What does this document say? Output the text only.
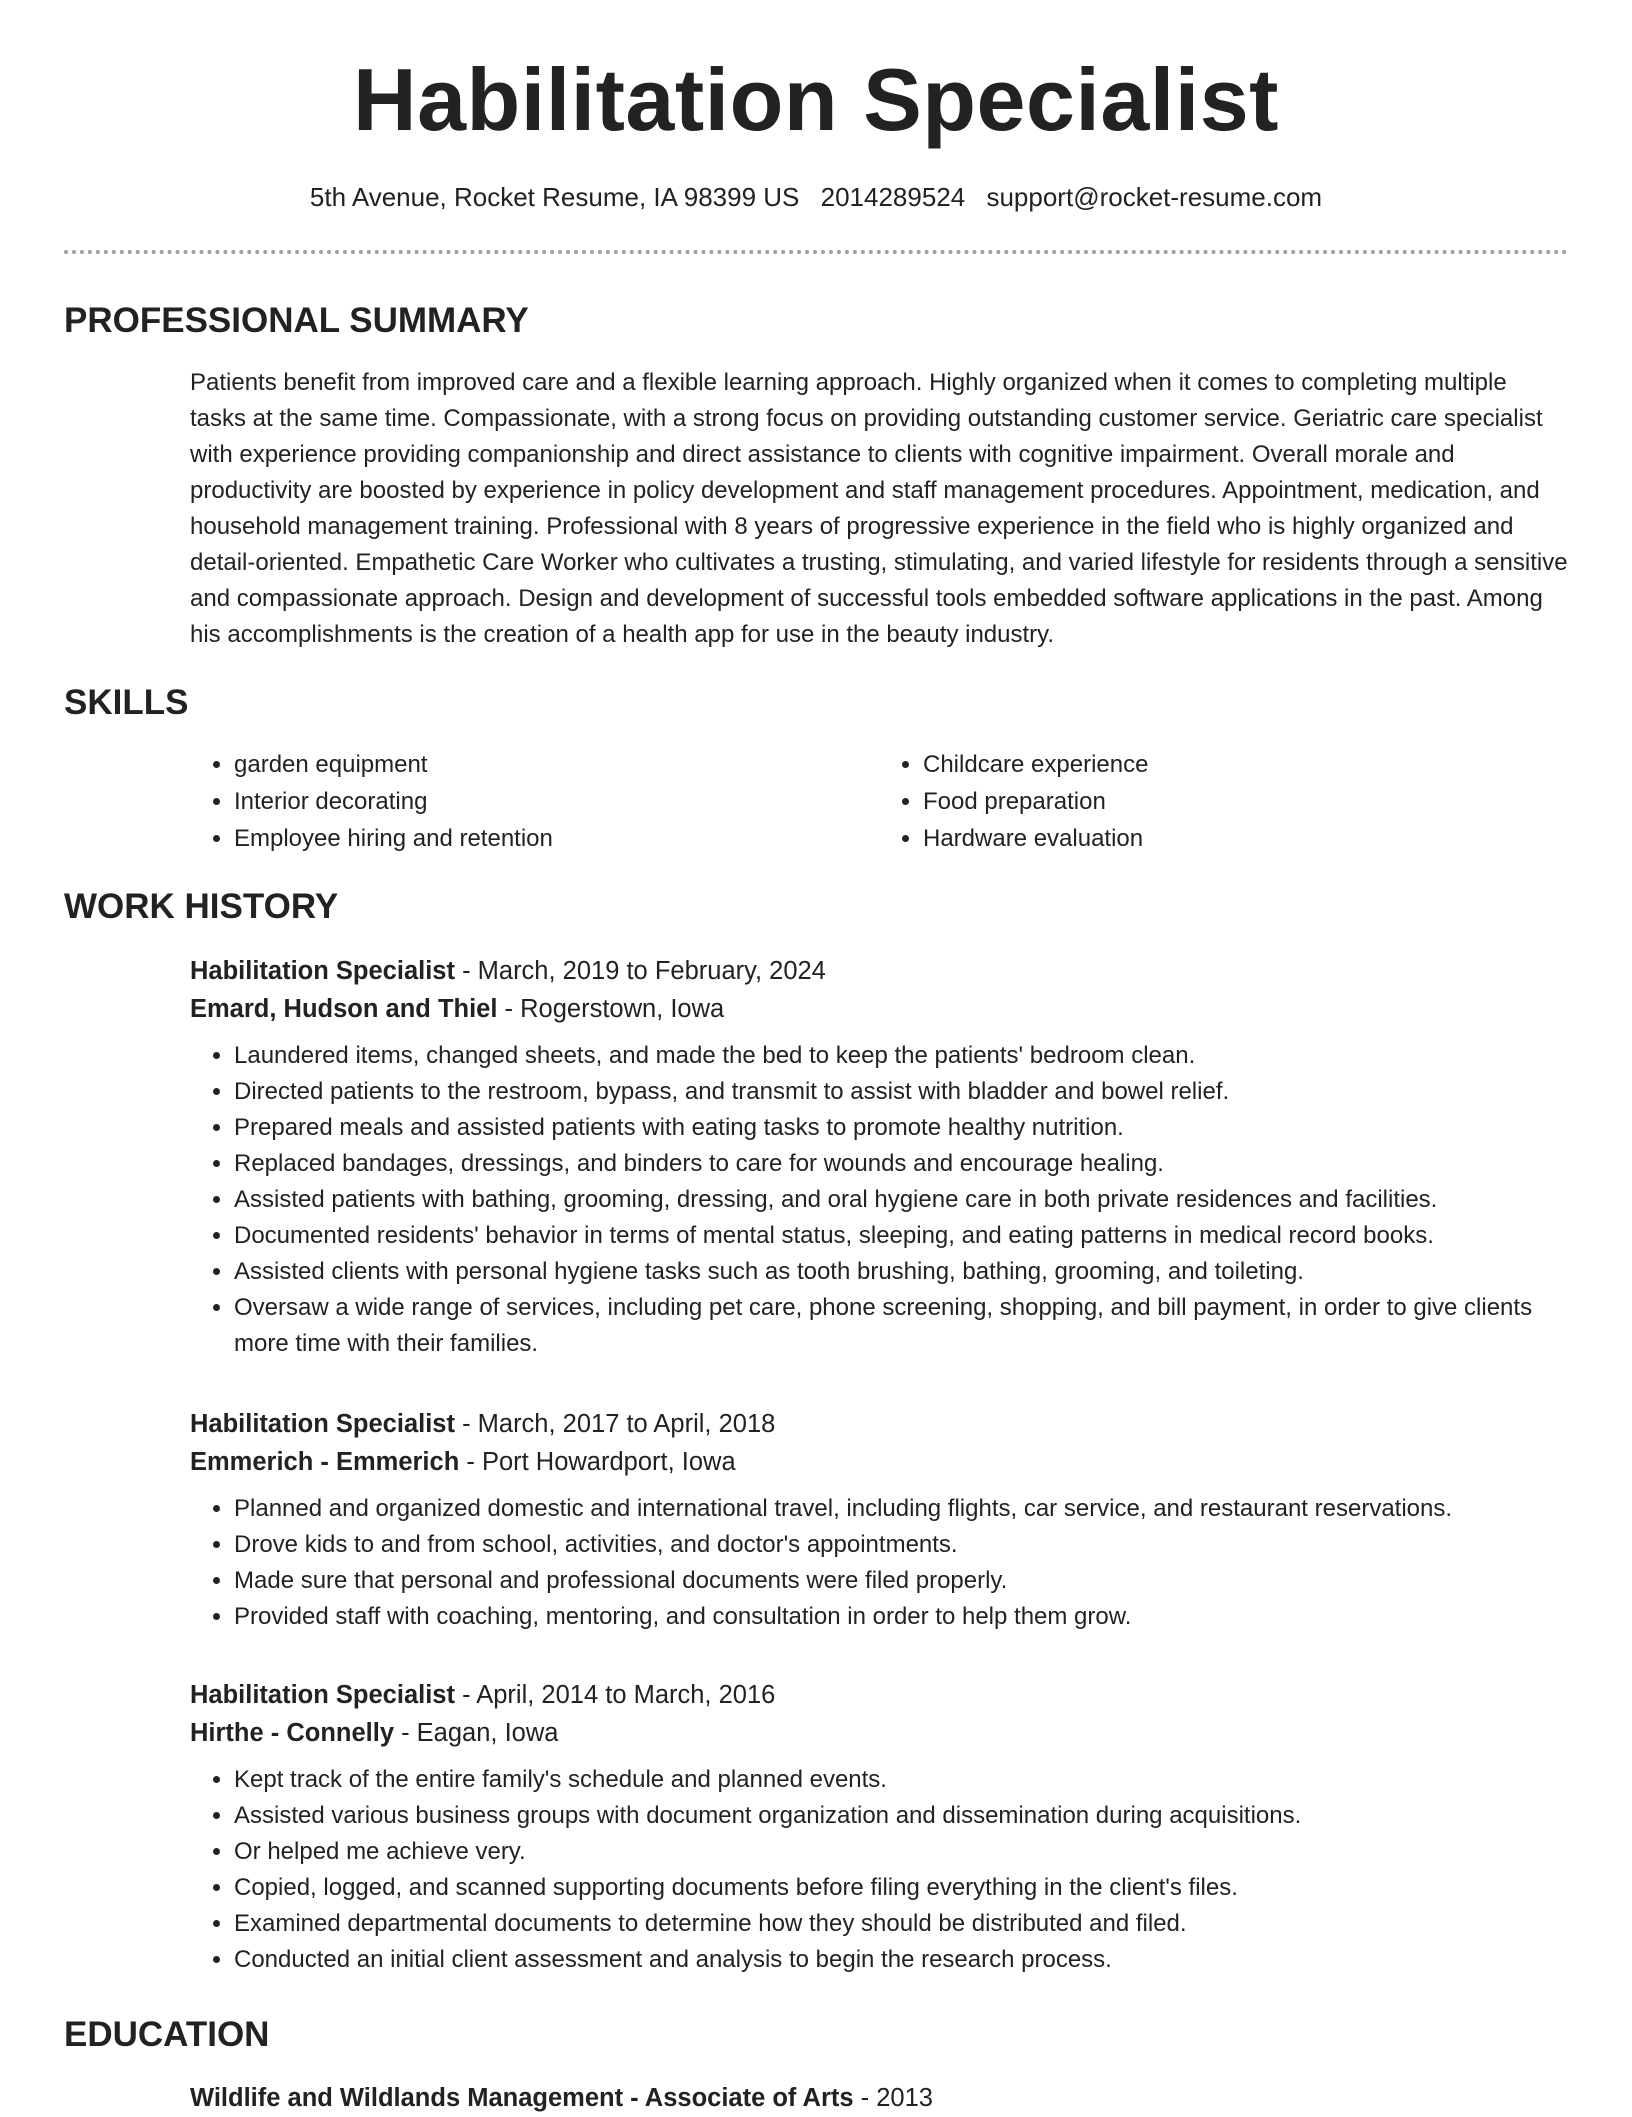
Habilitation Specialist
5th Avenue, Rocket Resume, IA 98399 US 2014289524 support@rocket-resume.com
PROFESSIONAL SUMMARY

Patients benefit from improved care and a flexible learning approach. Highly organized when it comes to completing multiple tasks at the same time. Compassionate, with a strong focus on providing outstanding customer service. Geriatric care specialist with experience providing companionship and direct assistance to clients with cognitive impairment. Overall morale and productivity are boosted by experience in policy development and staff management procedures. Appointment, medication, and household management training. Professional with 8 years of progressive experience in the field who is highly organized and detail-oriented. Empathetic Care Worker who cultivates a trusting, stimulating, and varied lifestyle for residents through a sensitive and compassionate approach. Design and development of successful tools embedded software applications in the past. Among his accomplishments is the creation of a health app for use in the beauty industry.

SKILLS
• garden equipment
• Interior decorating
• Employee hiring and retention
• Childcare experience
• Food preparation
• Hardware evaluation
WORK HISTORY
Habilitation Specialist - March, 2019 to February, 2024
Emard, Hudson and Thiel - Rogerstown, Iowa
• Laundered items, changed sheets, and made the bed to keep the patients' bedroom clean.
• Directed patients to the restroom, bypass, and transmit to assist with bladder and bowel relief.
• Prepared meals and assisted patients with eating tasks to promote healthy nutrition.
• Replaced bandages, dressings, and binders to care for wounds and encourage healing.
• Assisted patients with bathing, grooming, dressing, and oral hygiene care in both private residences and facilities.
• Documented residents' behavior in terms of mental status, sleeping, and eating patterns in medical record books.
• Assisted clients with personal hygiene tasks such as tooth brushing, bathing, grooming, and toileting.
• Oversaw a wide range of services, including pet care, phone screening, shopping, and bill payment, in order to give clients more time with their families.
Habilitation Specialist - March, 2017 to April, 2018
Emmerich - Emmerich - Port Howardport, Iowa
• Planned and organized domestic and international travel, including flights, car service, and restaurant reservations.
• Drove kids to and from school, activities, and doctor's appointments.
• Made sure that personal and professional documents were filed properly.
• Provided staff with coaching, mentoring, and consultation in order to help them grow.
Habilitation Specialist - April, 2014 to March, 2016
Hirthe - Connelly - Eagan, Iowa
• Kept track of the entire family's schedule and planned events.
• Assisted various business groups with document organization and dissemination during acquisitions.
• Or helped me achieve very.
• Copied, logged, and scanned supporting documents before filing everything in the client's files.
• Examined departmental documents to determine how they should be distributed and filed.
• Conducted an initial client assessment and analysis to begin the research process.
EDUCATION
Wildlife and Wildlands Management - Associate of Arts - 2013
